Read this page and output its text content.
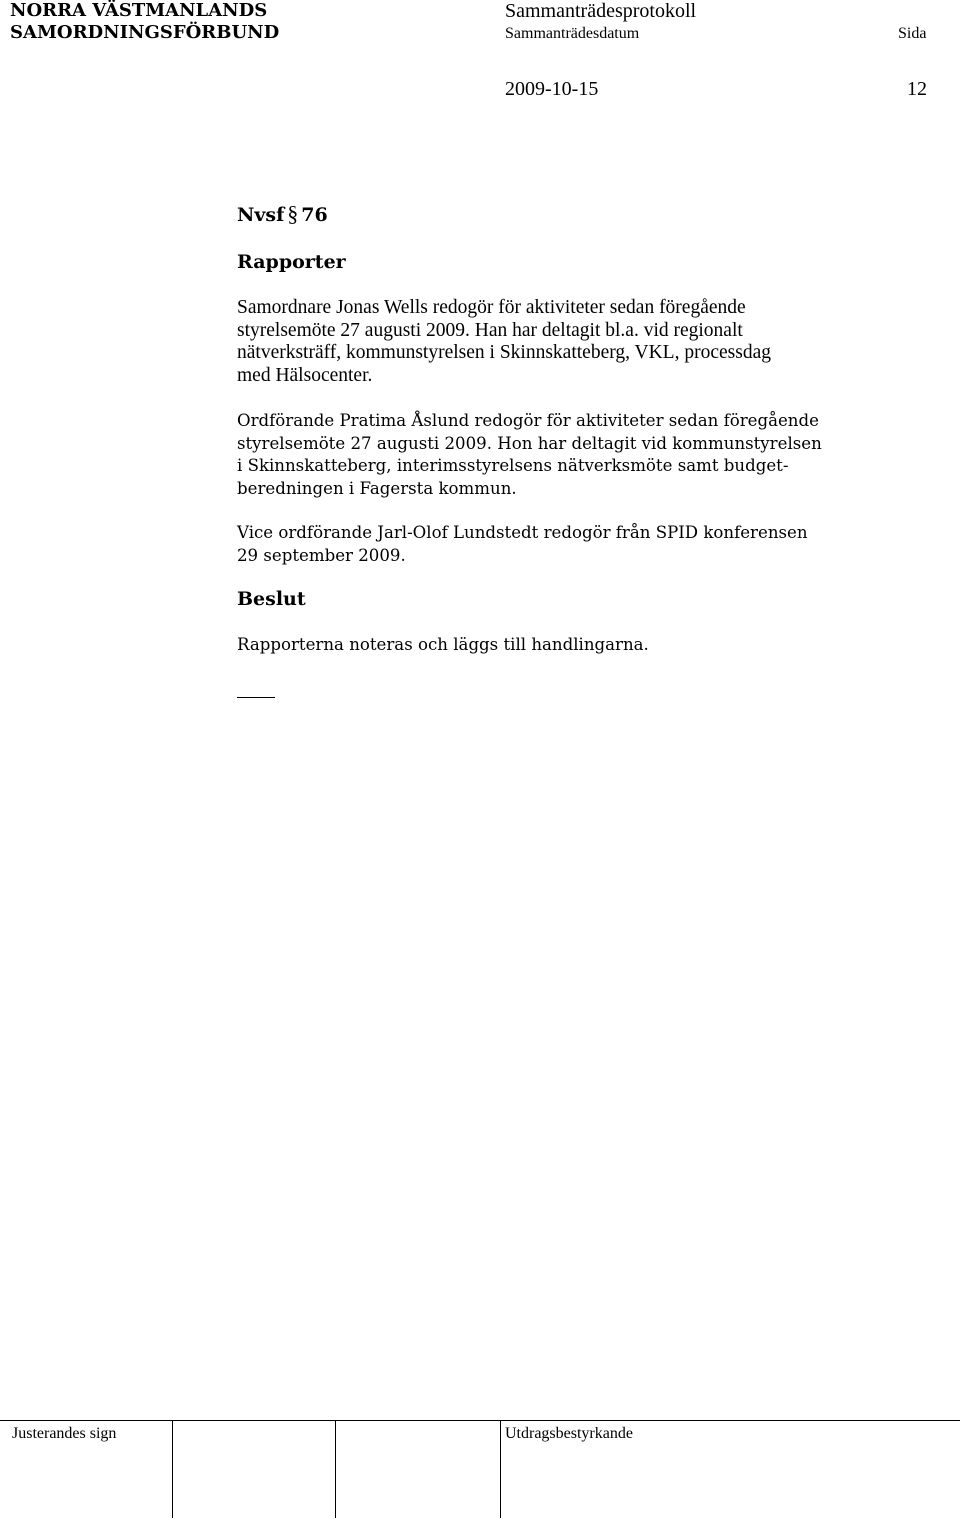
NORRA VÄSTMANLANDS
SAMORDNINGSFÖRBUND
Sammanträdesprotokoll
Sammanträdesdatum	Sida
2009-10-15	12
Nvsf § 76
Rapporter
Samordnare Jonas Wells redogör för aktiviteter sedan föregående
styrelsemöte 27 augusti 2009. Han har deltagit bl.a. vid regionalt
nätverksträff, kommunstyrelsen i Skinnskatteberg, VKL, processdag
med Hälsocenter.
Ordförande Pratima Åslund redogör för aktiviteter sedan föregående
styrelsemöte 27 augusti 2009. Hon har deltagit vid kommunstyrelsen
i Skinnskatteberg, interimsstyrelsens nätverksmöte samt budget-
beredningen i Fagersta kommun.
Vice ordförande Jarl-Olof Lundstedt redogör från SPID konferensen
29 september 2009.
Beslut
Rapporterna noteras och läggs till handlingarna.
Justerandes sign	Utdragsbestyrkande
